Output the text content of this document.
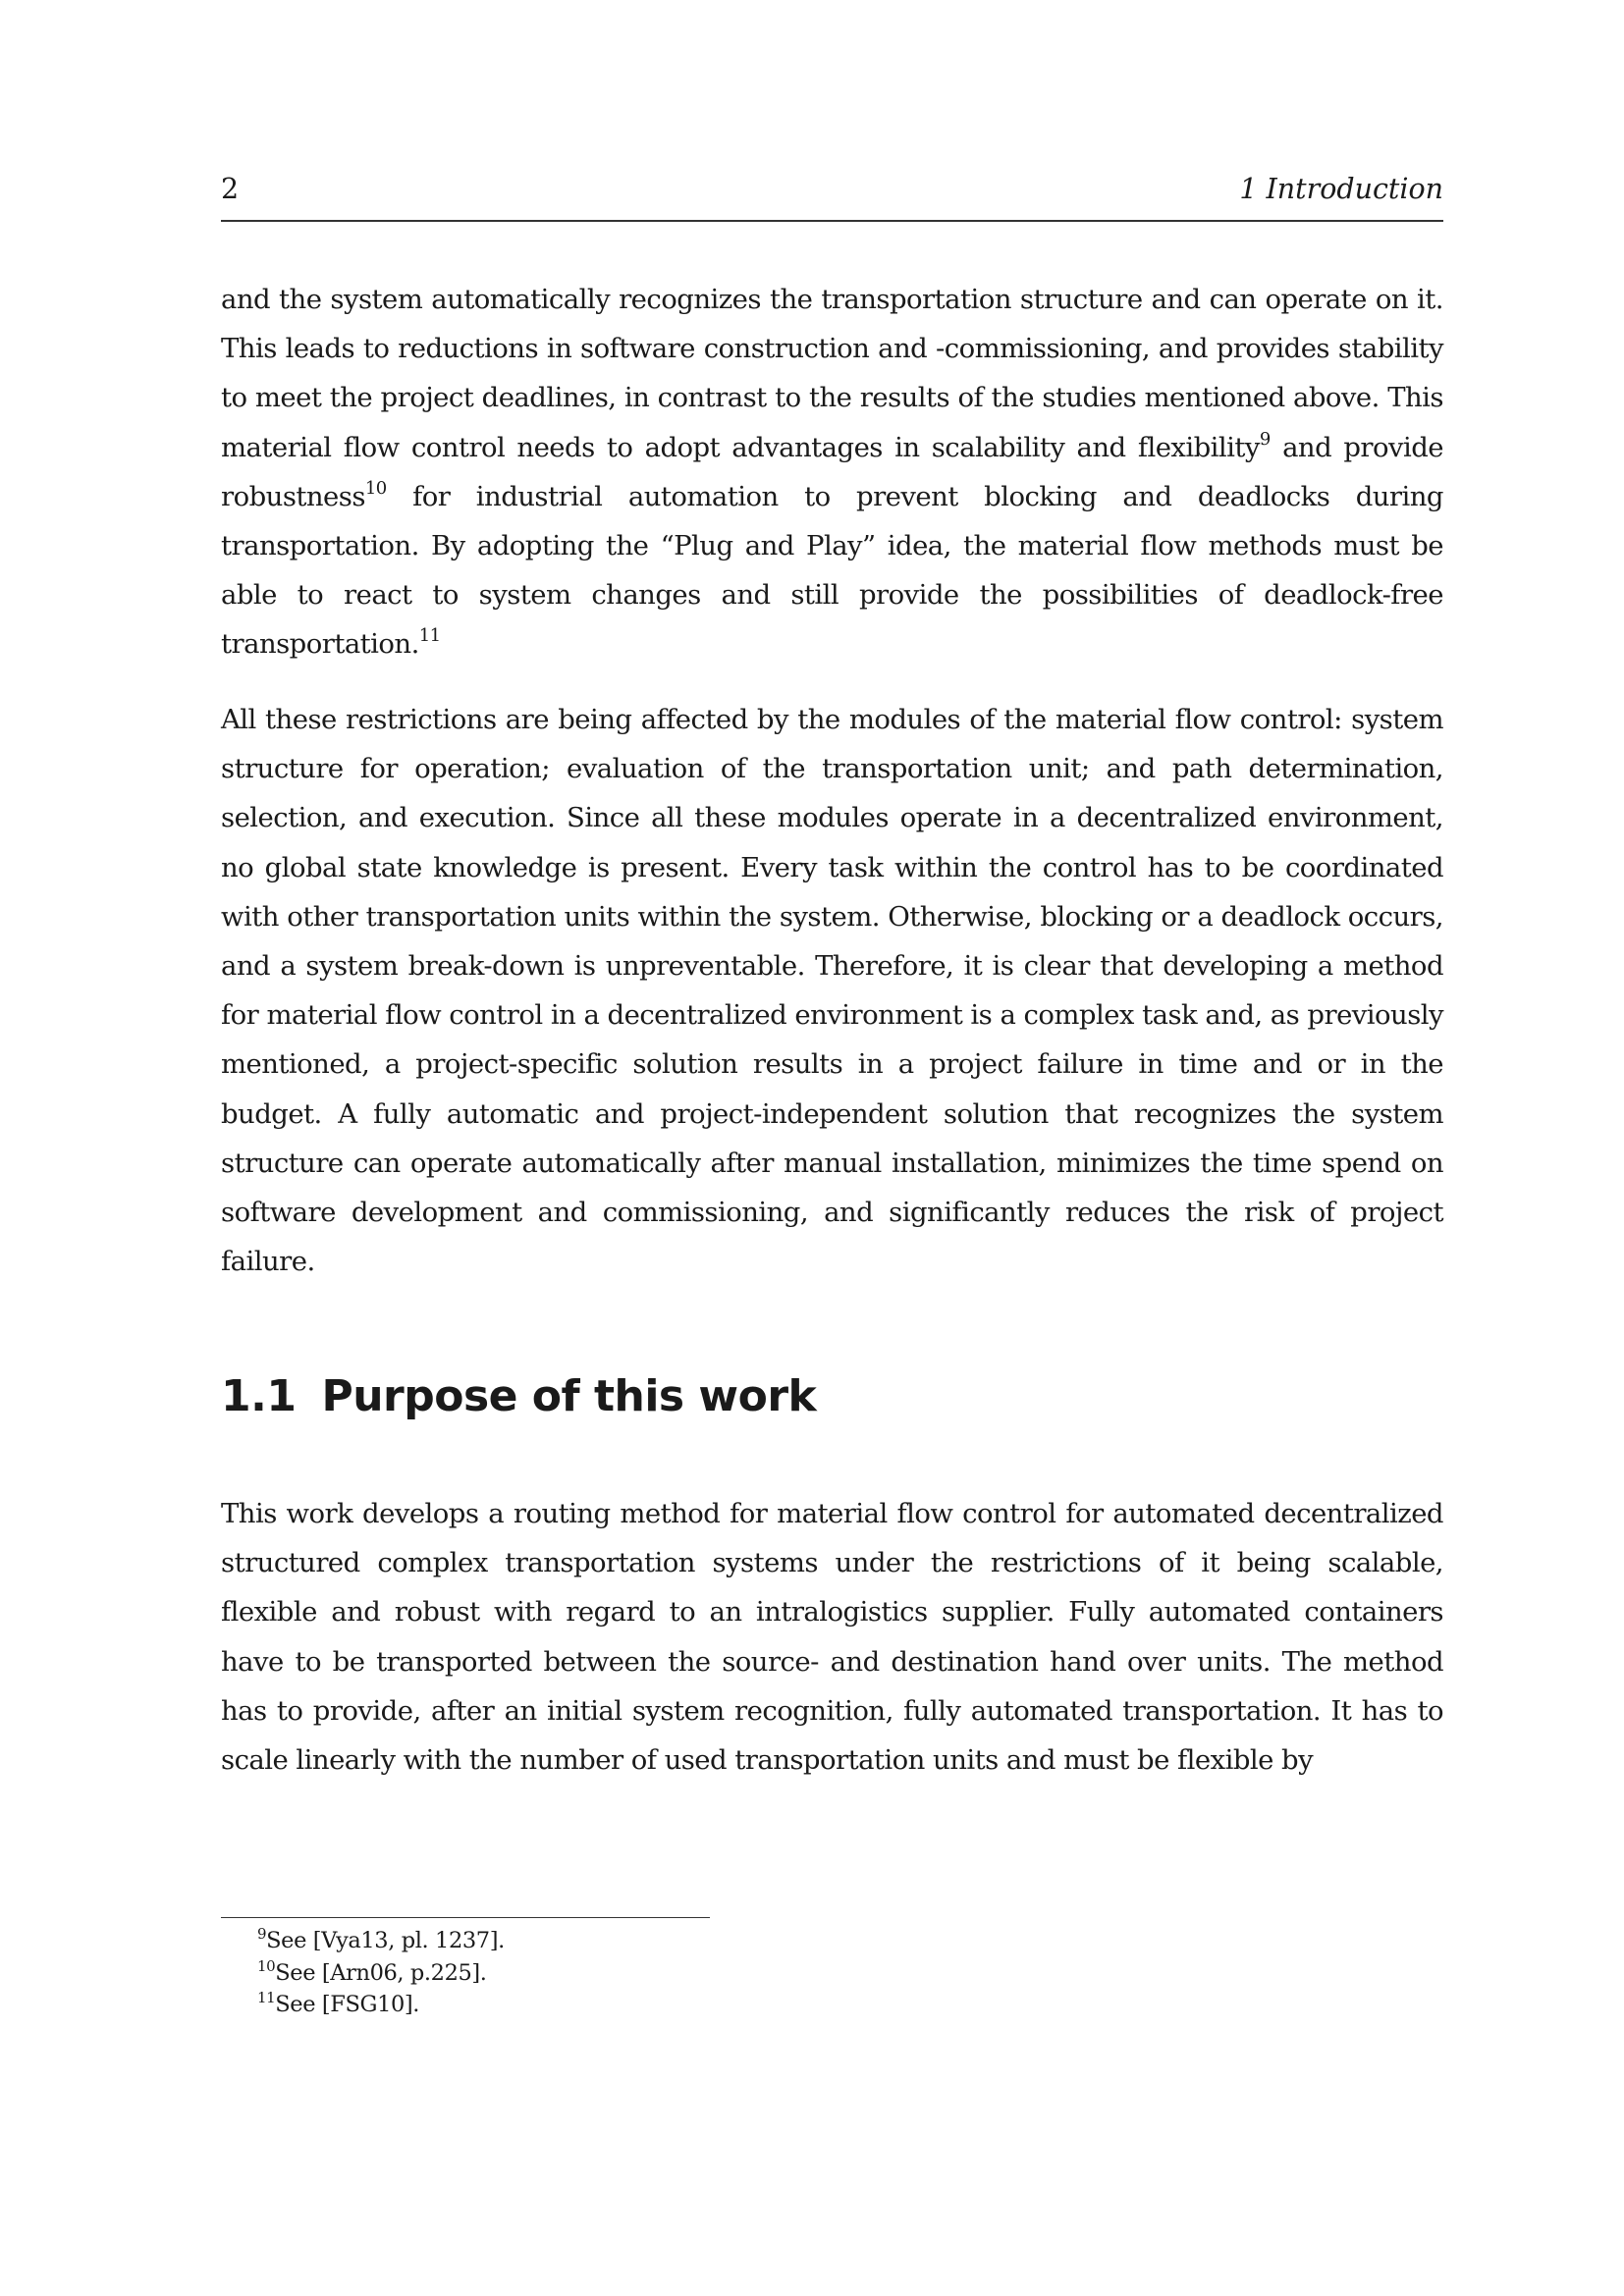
2	1 Introduction

and the system automatically recognizes the transportation structure and can operate on it. This leads to reductions in software construction and -commissioning, and provides stability to meet the project deadlines, in contrast to the results of the studies mentioned above. This material flow control needs to adopt advantages in scalability and flexibility$^9$ and provide robustness$^{10}$ for industrial automation to prevent blocking and deadlocks during transportation. By adopting the “Plug and Play” idea, the material flow methods must be able to react to system changes and still provide the possibilities of deadlock-free transportation.$^{11}$

All these restrictions are being affected by the modules of the material flow control: system structure for operation; evaluation of the transportation unit; and path determination, selection, and execution. Since all these modules operate in a decentralized environment, no global state knowledge is present. Every task within the control has to be coordinated with other transportation units within the system. Otherwise, blocking or a deadlock occurs, and a system break-down is unpreventable. Therefore, it is clear that developing a method for material flow control in a decentralized environment is a complex task and, as previously mentioned, a project-specific solution results in a project failure in time and or in the budget. A fully automatic and project-independent solution that recognizes the system structure can operate automatically after manual installation, minimizes the time spend on software development and commissioning, and significantly reduces the risk of project failure.

1.1 Purpose of this work

This work develops a routing method for material flow control for automated decentralized structured complex transportation systems under the restrictions of it being scalable, flexible and robust with regard to an intralogistics supplier. Fully automated containers have to be transported between the source- and destination hand over units. The method has to provide, after an initial system recognition, fully automated transportation. It has to scale linearly with the number of used transportation units and must be flexible by

$^9$See [Vya13, pl. 1237].
$^{10}$See [Arn06, p.225].
$^{11}$See [FSG10].
